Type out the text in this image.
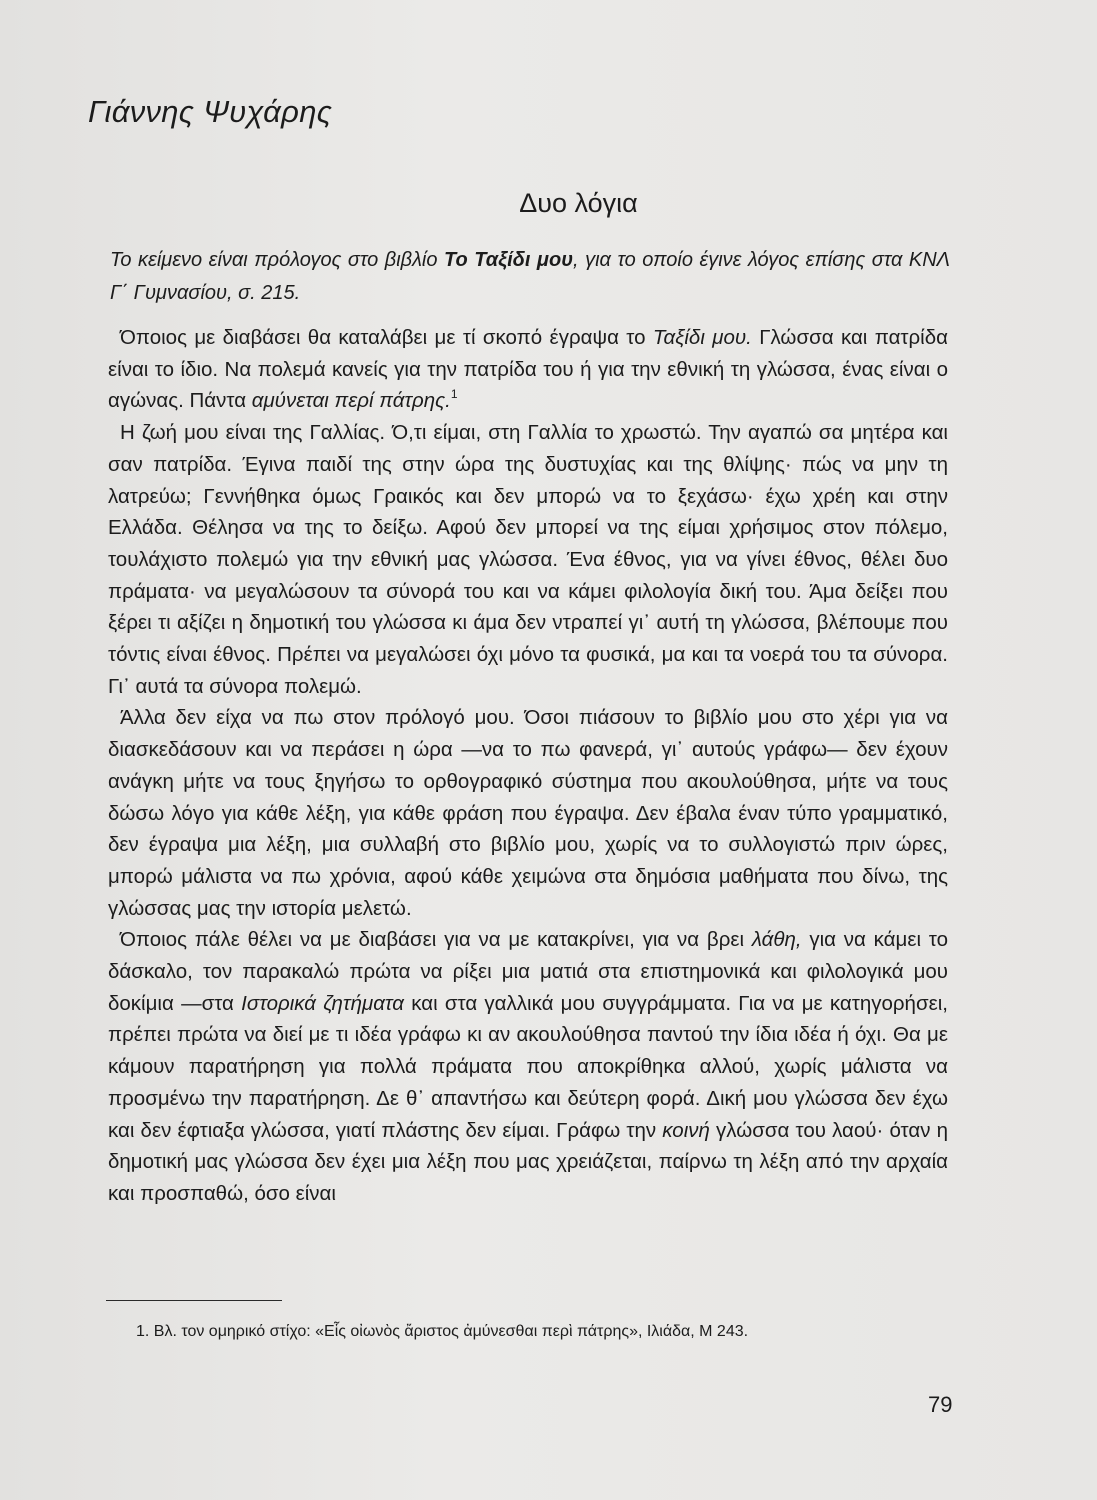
Γιάννης Ψυχάρης
Δυο λόγια

Το κείμενο είναι πρόλογος στο βιβλίο Το Ταξίδι μου, για το οποίο έγινε λόγος επίσης στα ΚΝΛ Γ΄ Γυμνασίου, σ. 215.

Όποιος με διαβάσει θα καταλάβει με τί σκοπό έγραψα το Ταξίδι μου. Γλώσσα και πατρίδα είναι το ίδιο. Να πολεμά κανείς για την πατρίδα του ή για την εθνική τη γλώσσα, ένας είναι ο αγώνας. Πάντα αμύνεται περί πάτρης.$^1$

Η ζωή μου είναι της Γαλλίας. Ό,τι είμαι, στη Γαλλία το χρωστώ. Την αγαπώ σα μητέρα και σαν πατρίδα. Έγινα παιδί της στην ώρα της δυστυχίας και της θλίψης· πώς να μην τη λατρεύω; Γεννήθηκα όμως Γραικός και δεν μπορώ να το ξεχάσω· έχω χρέη και στην Ελλάδα. Θέλησα να της το δείξω. Αφού δεν μπορεί να της είμαι χρήσιμος στον πόλεμο, τουλάχιστο πολεμώ για την εθνική μας γλώσσα. Ένα έθνος, για να γίνει έθνος, θέλει δυο πράματα· να μεγαλώσουν τα σύνορά του και να κάμει φιλολογία δική του. Άμα δείξει που ξέρει τι αξίζει η δημοτική του γλώσσα κι άμα δεν ντραπεί γι᾽ αυτή τη γλώσσα, βλέπουμε που τόντις είναι έθνος. Πρέπει να μεγαλώσει όχι μόνο τα φυσικά, μα και τα νοερά του τα σύνορα. Γι᾽ αυτά τα σύνορα πολεμώ.

Άλλα δεν είχα να πω στον πρόλογό μου. Όσοι πιάσουν το βιβλίο μου στο χέρι για να διασκεδάσουν και να περάσει η ώρα —να το πω φανερά, γι᾽ αυτούς γράφω— δεν έχουν ανάγκη μήτε να τους ξηγήσω το ορθογραφικό σύστημα που ακουλούθησα, μήτε να τους δώσω λόγο για κάθε λέξη, για κάθε φράση που έγραψα. Δεν έβαλα έναν τύπο γραμματικό, δεν έγραψα μια λέξη, μια συλλαβή στο βιβλίο μου, χωρίς να το συλλογιστώ πριν ώρες, μπορώ μάλιστα να πω χρόνια, αφού κάθε χειμώνα στα δημόσια μαθήματα που δίνω, της γλώσσας μας την ιστορία μελετώ.

Όποιος πάλε θέλει να με διαβάσει για να με κατακρίνει, για να βρει λάθη, για να κάμει το δάσκαλο, τον παρακαλώ πρώτα να ρίξει μια ματιά στα επιστημονικά και φιλολογικά μου δοκίμια —στα Ιστορικά ζητήματα και στα γαλλικά μου συγγράμματα. Για να με κατηγορήσει, πρέπει πρώτα να διεί με τι ιδέα γράφω κι αν ακουλούθησα παντού την ίδια ιδέα ή όχι. Θα με κάμουν παρατήρηση για πολλά πράματα που αποκρίθηκα αλλού, χωρίς μάλιστα να προσμένω την παρατήρηση. Δε θ᾽ απαντήσω και δεύτερη φορά. Δική μου γλώσσα δεν έχω και δεν έφτιαξα γλώσσα, γιατί πλάστης δεν είμαι. Γράφω την κοινή γλώσσα του λαού· όταν η δημοτική μας γλώσσα δεν έχει μια λέξη που μας χρειάζεται, παίρνω τη λέξη από την αρχαία και προσπαθώ, όσο είναι

1. Βλ. τον ομηρικό στίχο: «Εἷς οἰωνὸς ἄριστος ἀμύνεσθαι περὶ πάτρης», Ιλιάδα, Μ 243.

79
